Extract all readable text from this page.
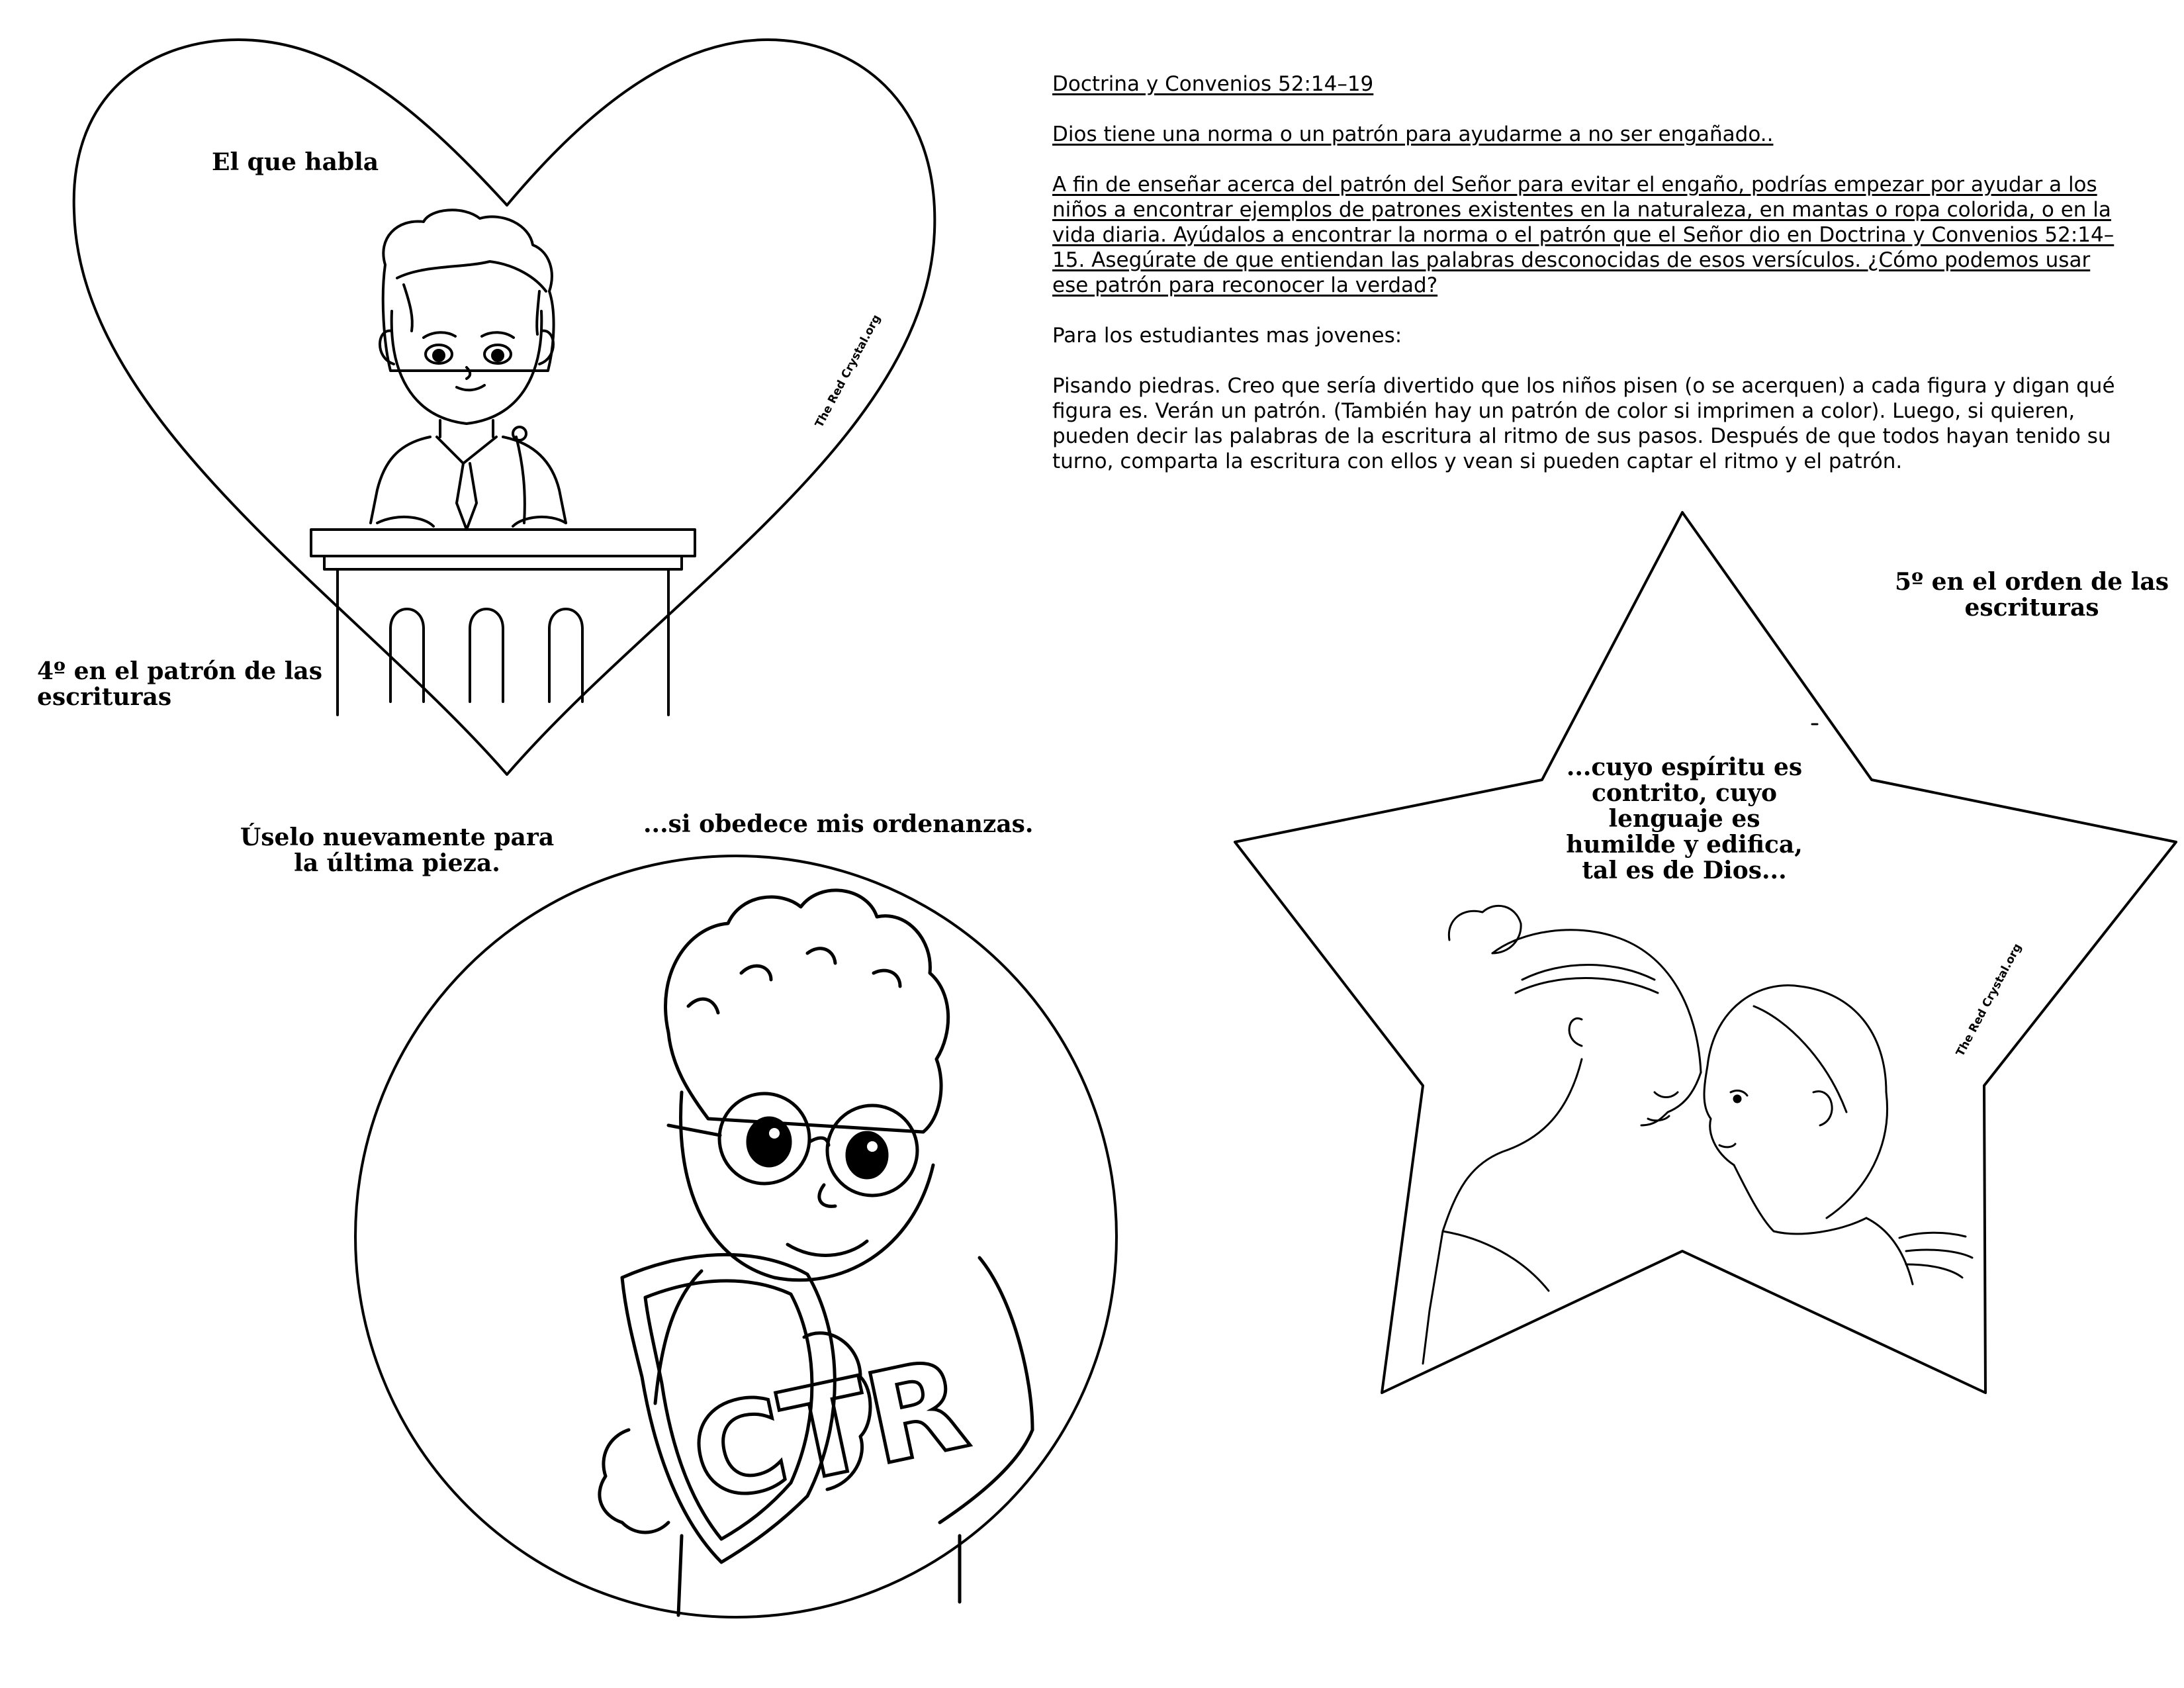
Doctrina y Convenios 52:14–19

Dios tiene una norma o un patrón para ayudarme a no ser engañado..

A fin de enseñar acerca del patrón del Señor para evitar el engaño, podrías empezar por ayudar a los niños a encontrar ejemplos de patrones existentes en la naturaleza, en mantas o ropa colorida, o en la vida diaria. Ayúdalos a encontrar la norma o el patrón que el Señor dio en Doctrina y Convenios 52:14–15. Asegúrate de que entiendan las palabras desconocidas de esos versículos. ¿Cómo podemos usar ese patrón para reconocer la verdad?

Para los estudiantes mas jovenes:

Pisando piedras. Creo que sería divertido que los niños pisen (o se acerquen) a cada figura y digan qué figura es. Verán un patrón. (También hay un patrón de color si imprimen a color). Luego, si quieren, pueden decir las palabras de la escritura al ritmo de sus pasos. Después de que todos hayan tenido su turno, comparta la escritura con ellos y vean si pueden captar el ritmo y el patrón.

El que habla
4º en el patrón de las escrituras
The Red Crystal.org
...si obedece mis ordenanzas.
Úselo nuevamente para la última pieza.
CTR
...cuyo espíritu es contrito, cuyo lenguaje es humilde y edifica, tal es de Dios...
5º en el orden de las escrituras
The Red Crystal.org
